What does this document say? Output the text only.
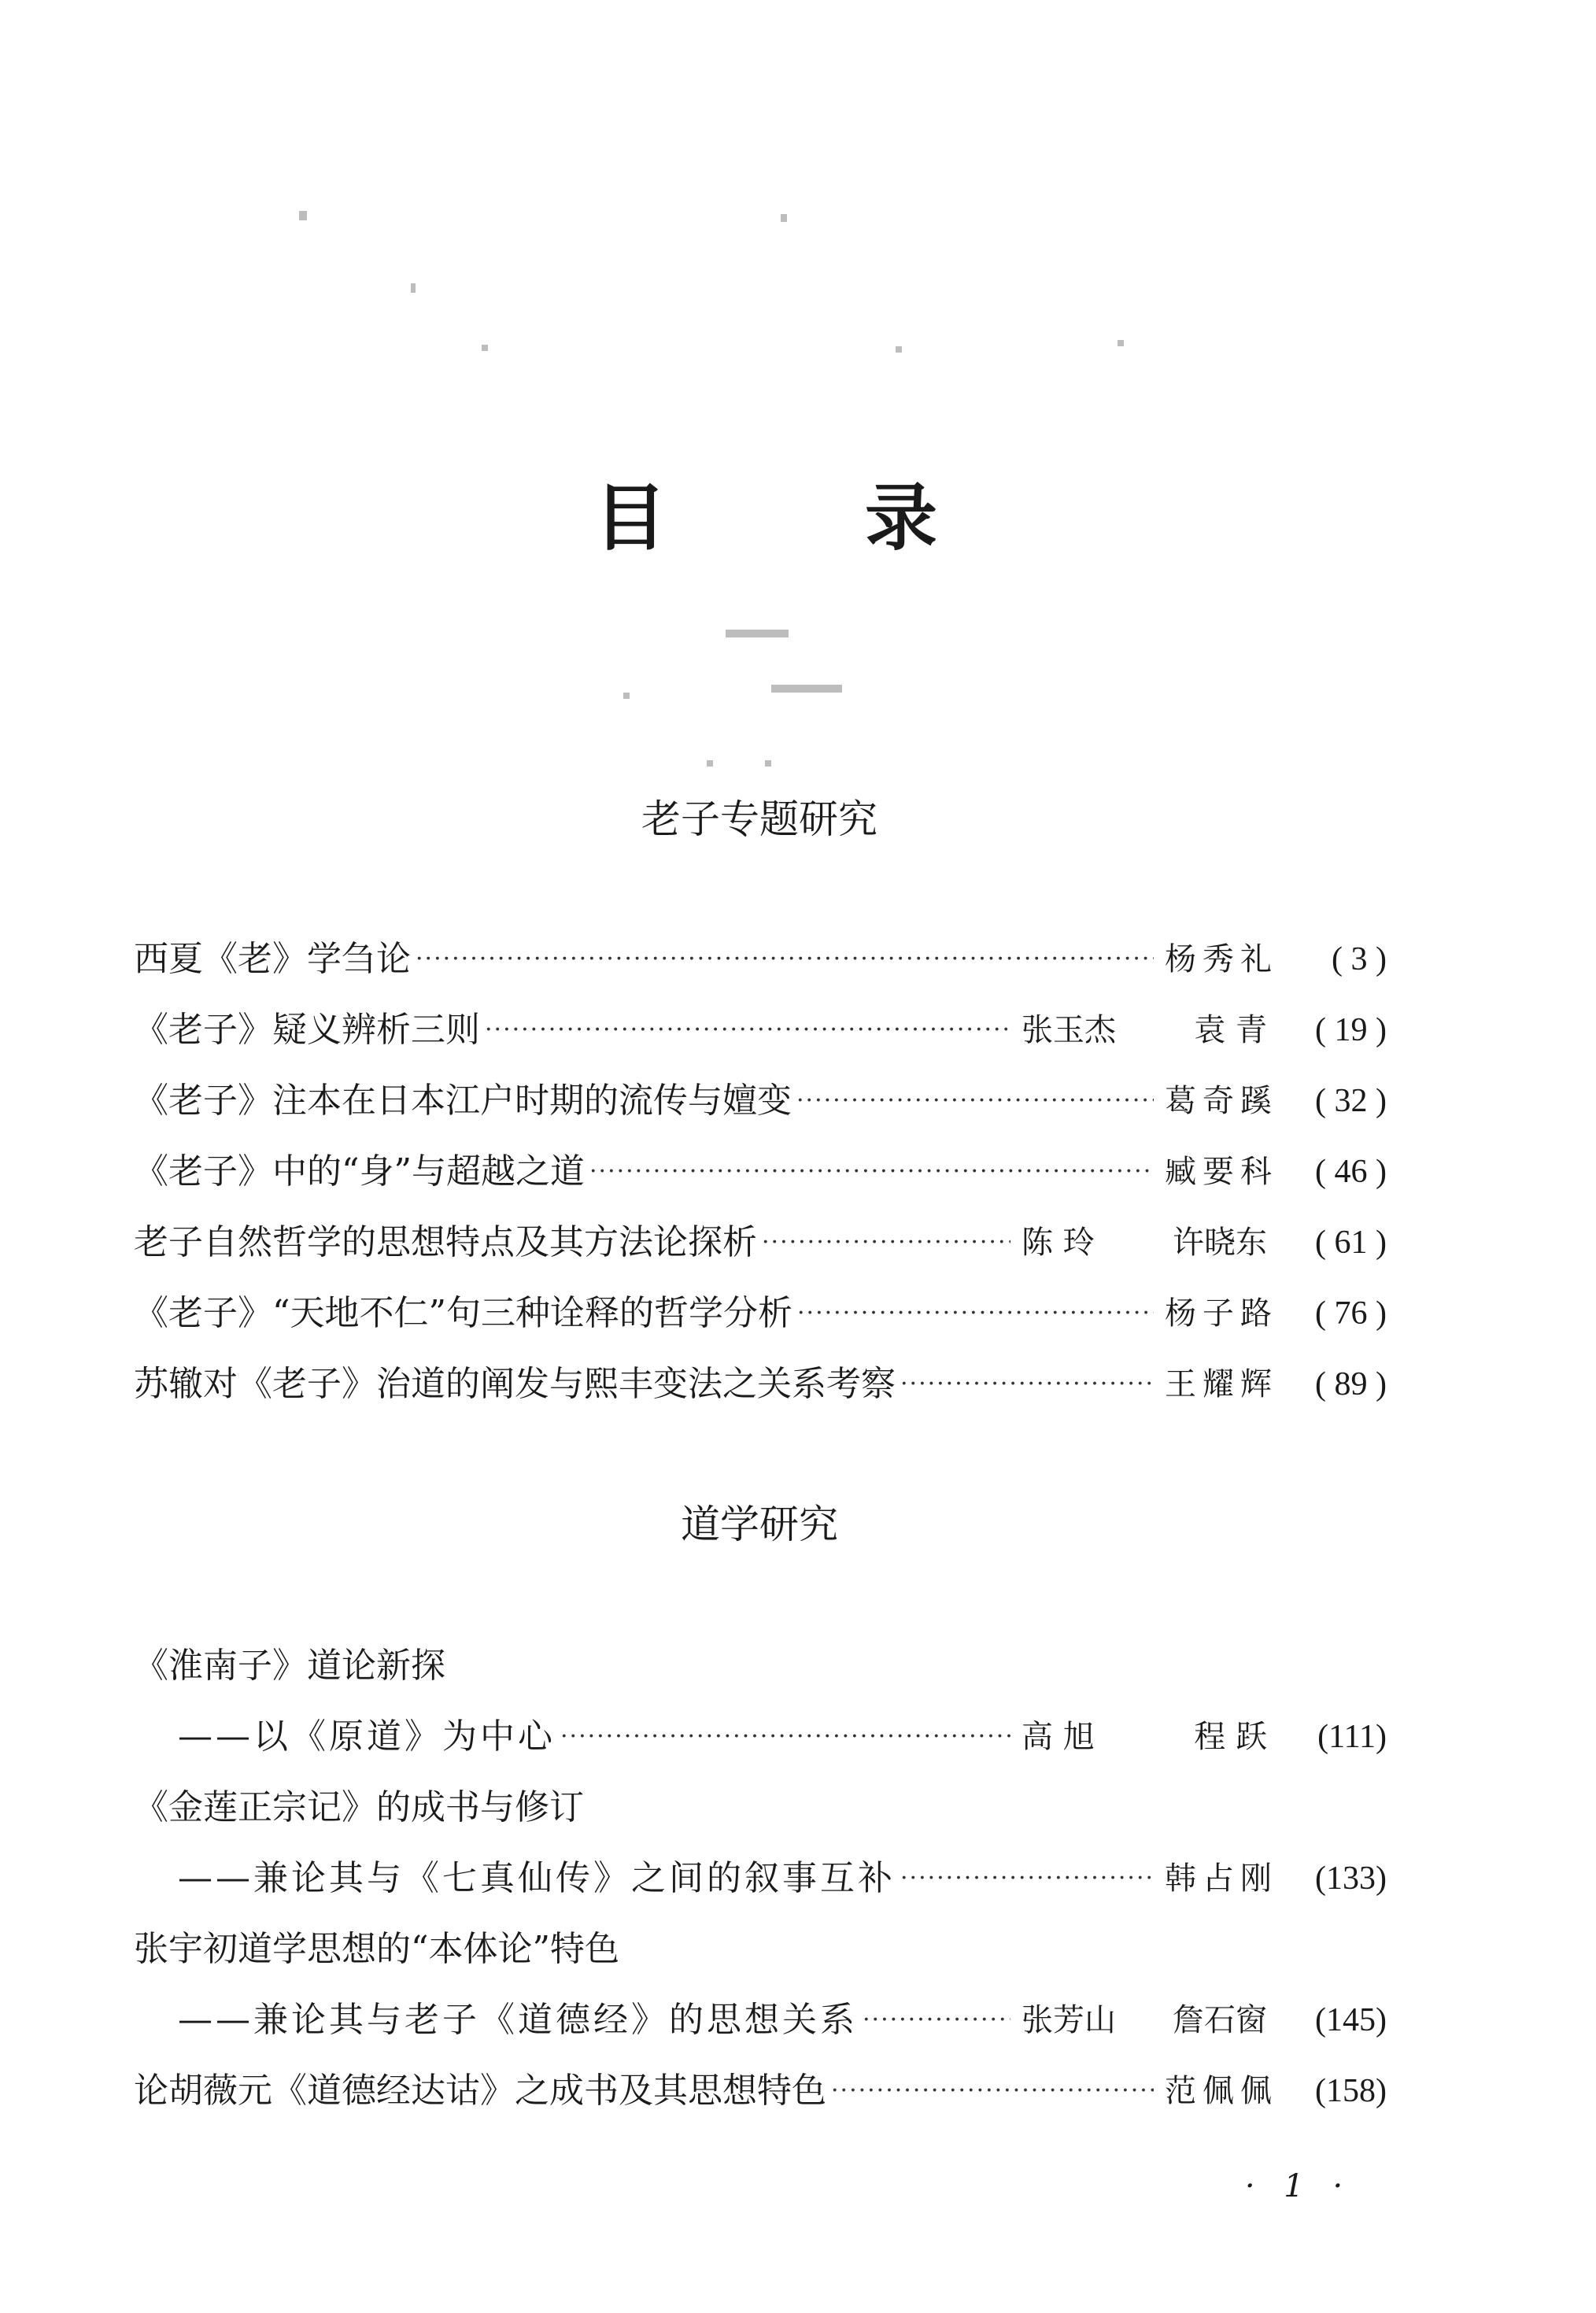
目 录
老子专题研究
西夏《老》学刍论 ·····	杨秀礼	( 3 )
《老子》疑义辨析三则 ·····	张玉杰 袁 青	( 19 )
《老子》注本在日本江户时期的流传与嬗变 ·····	葛奇蹊	( 32 )
《老子》中的“身”与超越之道 ·····	臧要科	( 46 )
老子自然哲学的思想特点及其方法论探析 ·····	陈 玲 许晓东	( 61 )
《老子》“天地不仁”句三种诠释的哲学分析 ·····	杨子路	( 76 )
苏辙对《老子》治道的阐发与熙丰变法之关系考察 ·····	王耀辉	( 89 )
道学研究
《淮南子》道论新探
——以《原道》为中心 ·····	高 旭	程 跃	(111)
《金莲正宗记》的成书与修订
——兼论其与《七真仙传》之间的叙事互补 ·····	韩占刚	(133)
张宇初道学思想的“本体论”特色
——兼论其与老子《道德经》的思想关系 ·····	张芳山 詹石窗	(145)
论胡薇元《道德经达诂》之成书及其思想特色 ·····	范佩佩	(158)
· 1 ·
